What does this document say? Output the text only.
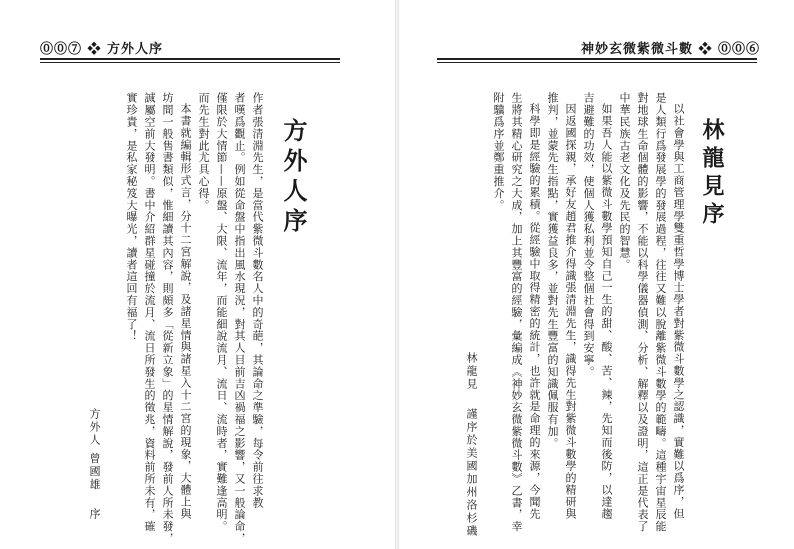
⓪⓪⑦ ❖ 方外人序
方外人序
作者張清淵先生，是當代紫微斗數名人中的奇葩，其論命之準驗，每令前往求教
者嘆爲觀止。例如從命盤中指出風水現況，對其人目前吉凶禍福之影響，又一般論命，
僅限於大情節——原盤、大限、流年，而能細說流月、流日、流時者，實難逢高明。
而先生對此尤具心得。
本書就編輯形式言，分十二宮解說，及諸星情與諸星入十二宮的現象，大體上與
坊間一般售書類似，惟細讀其內容，則頗多「從新立象」的星情解說，發前人所未發，
誠屬空前大發明。書中介紹群星碰撞於流月、流日所發生的徵兆，資料前所未有，確
實珍貴，是私家秘笈大曝光，讀者這回有福了！
方外人 曾國雄
序
神妙玄微紫微斗數 ❖ ⓪⓪⑥
林龍見序
以社會學與工商管理學雙重哲學博士學者對紫微斗數學之認識，實難以爲序，但
是人類行爲發展學的發展過程，往往又難以脫離紫微斗數學的範疇。這種宇宙星辰能
對地球生命個體的影響，不能以科學儀器偵測、分析、解釋以及證明，這正是代表了
中華民族古老文化及先民的智慧。
如果吾人能以紫微斗數學預知自己一生的甜、酸、苦、辣，先知而後防，以達趨
吉避難的功效，使個人獲私利並令整個社會得到安寧。
因返國探親，承好友趙君推介得識張清淵先生，識得先生對紫微斗數學的精研與
推判，並蒙先生指點，實獲益良多，並對先生豐富的知識佩服有加。
科學即是經驗的累積。從經驗中取得精密的統計，也許就是命理的來源，今聞先
生將其精心研究之大成，加上其豐富的經驗，彙編成《神妙玄微紫微斗數》乙書，幸
附驥爲序並鄭重推介。
林龍見
謹序於美國加州洛杉磯
